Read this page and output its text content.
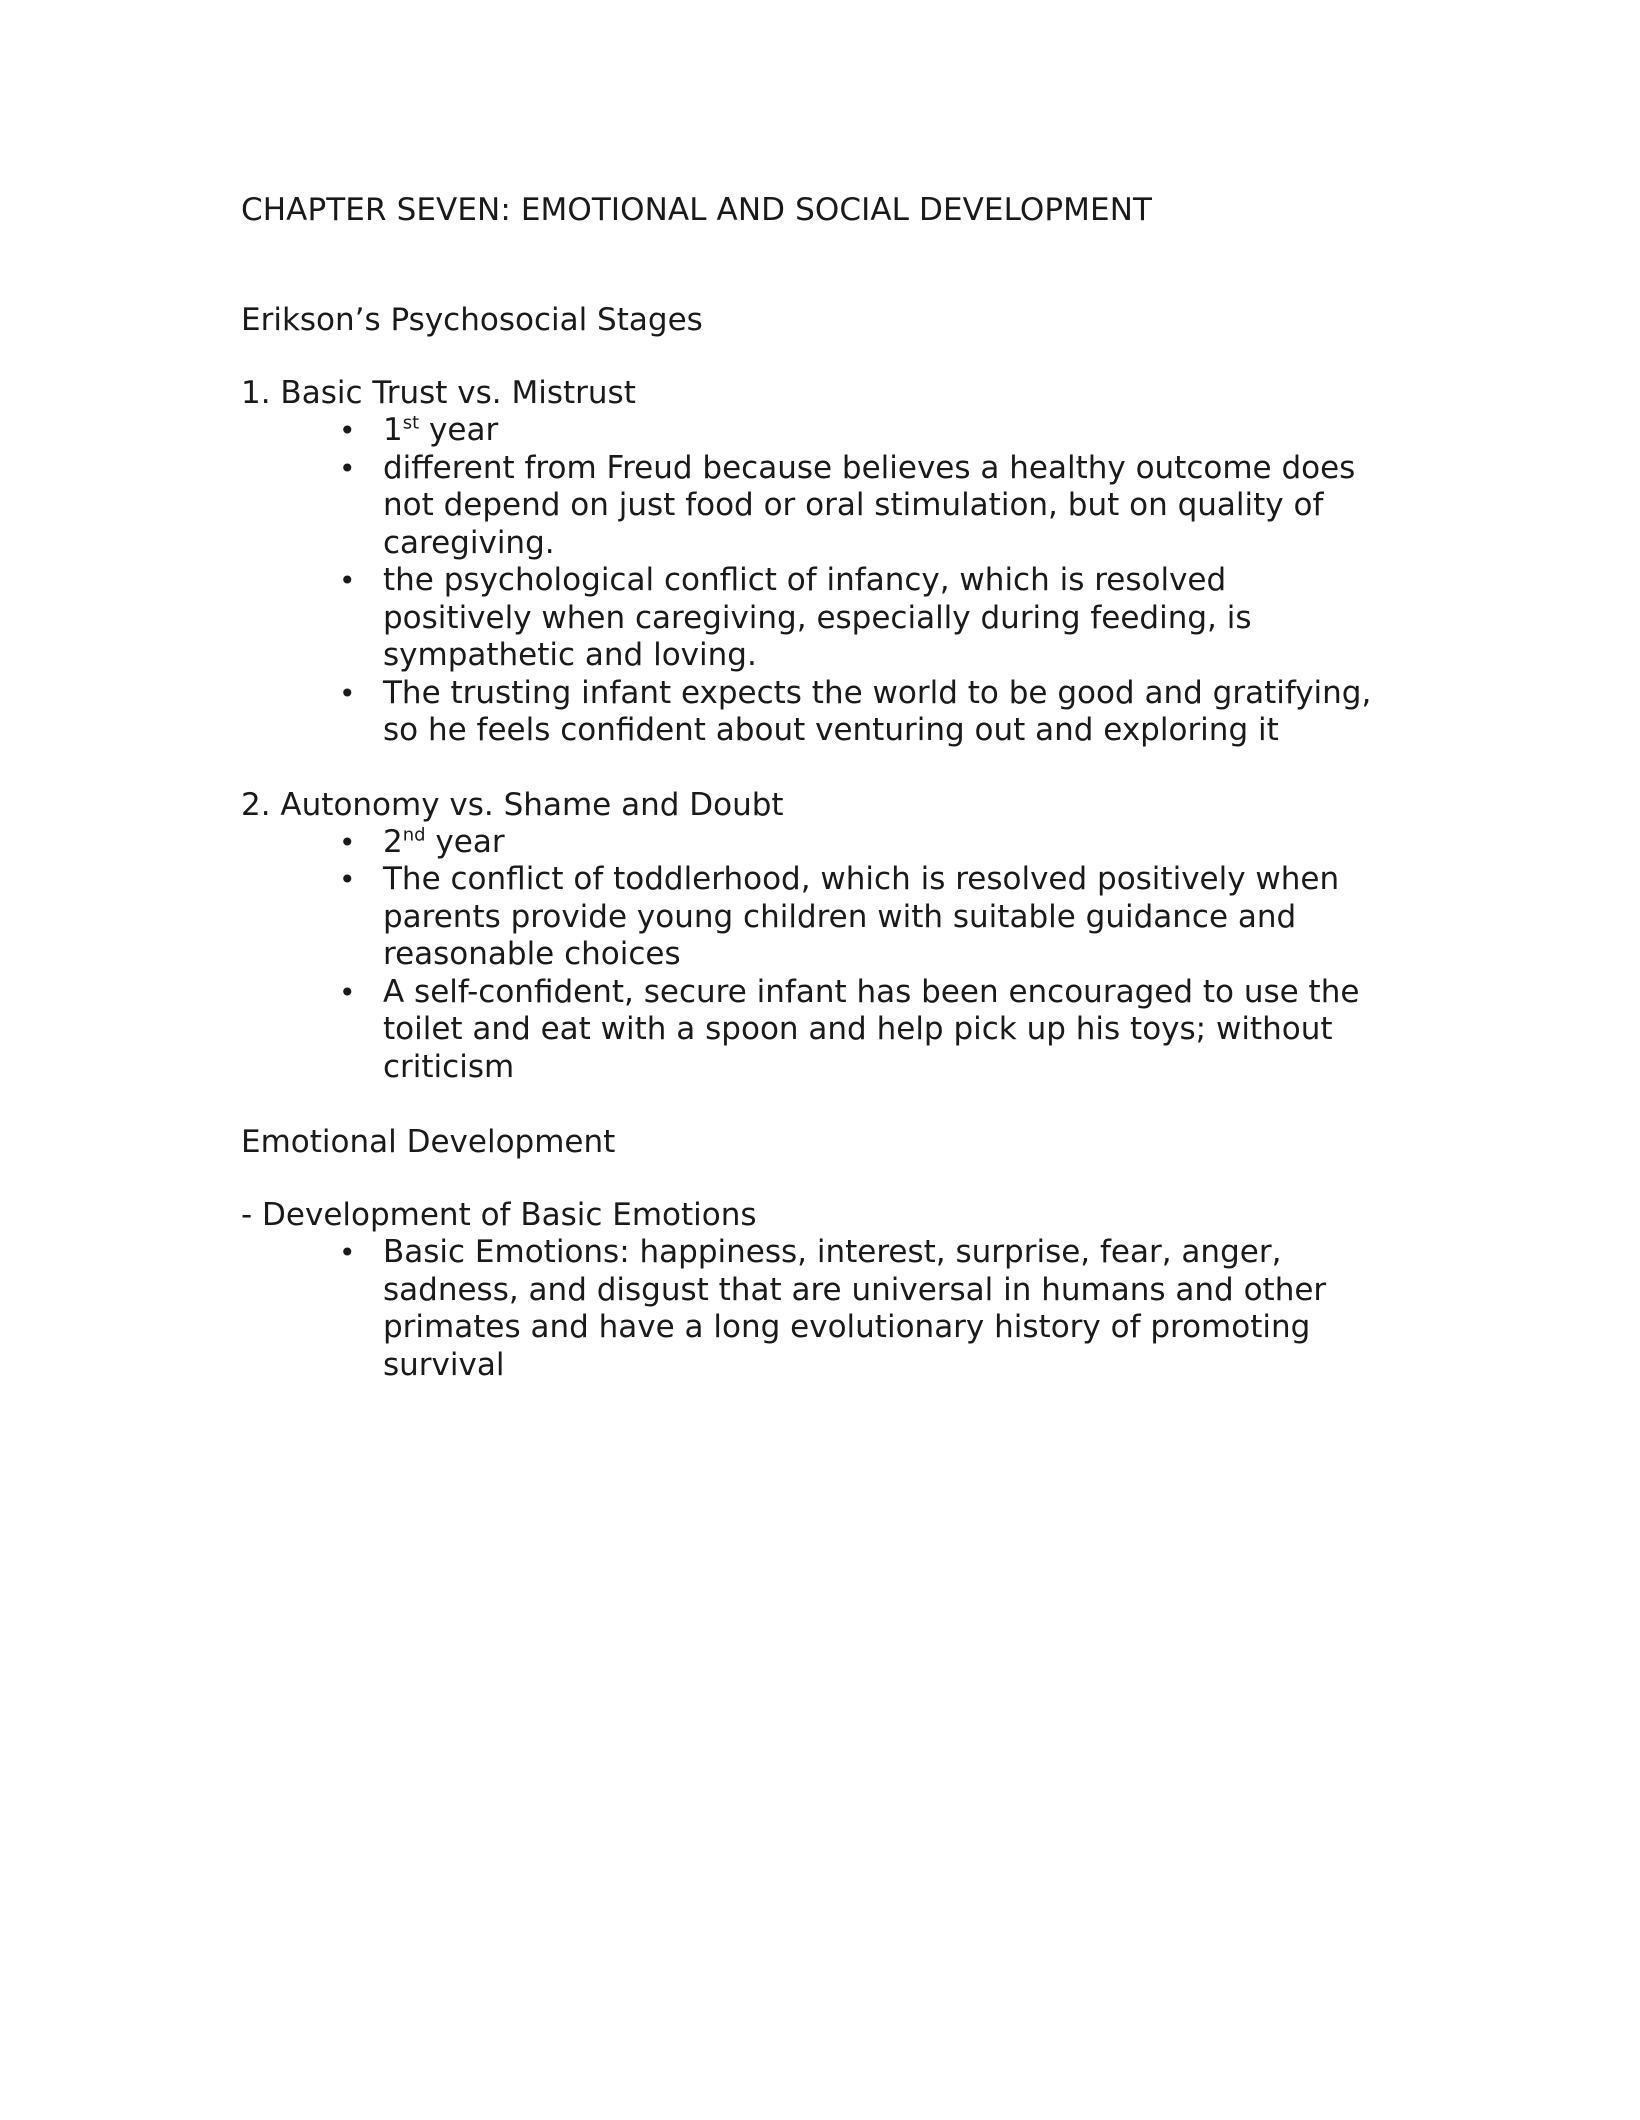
CHAPTER SEVEN: EMOTIONAL AND SOCIAL DEVELOPMENT
Erikson’s Psychosocial Stages
1. Basic Trust vs. Mistrust
• 1st year
• different from Freud because believes a healthy outcome does not depend on just food or oral stimulation, but on quality of caregiving.
• the psychological conflict of infancy, which is resolved positively when caregiving, especially during feeding, is sympathetic and loving.
• The trusting infant expects the world to be good and gratifying, so he feels confident about venturing out and exploring it
2. Autonomy vs. Shame and Doubt
• 2nd year
• The conflict of toddlerhood, which is resolved positively when parents provide young children with suitable guidance and reasonable choices
• A self-confident, secure infant has been encouraged to use the toilet and eat with a spoon and help pick up his toys; without criticism
Emotional Development
- Development of Basic Emotions
• Basic Emotions: happiness, interest, surprise, fear, anger, sadness, and disgust that are universal in humans and other primates and have a long evolutionary history of promoting survival
